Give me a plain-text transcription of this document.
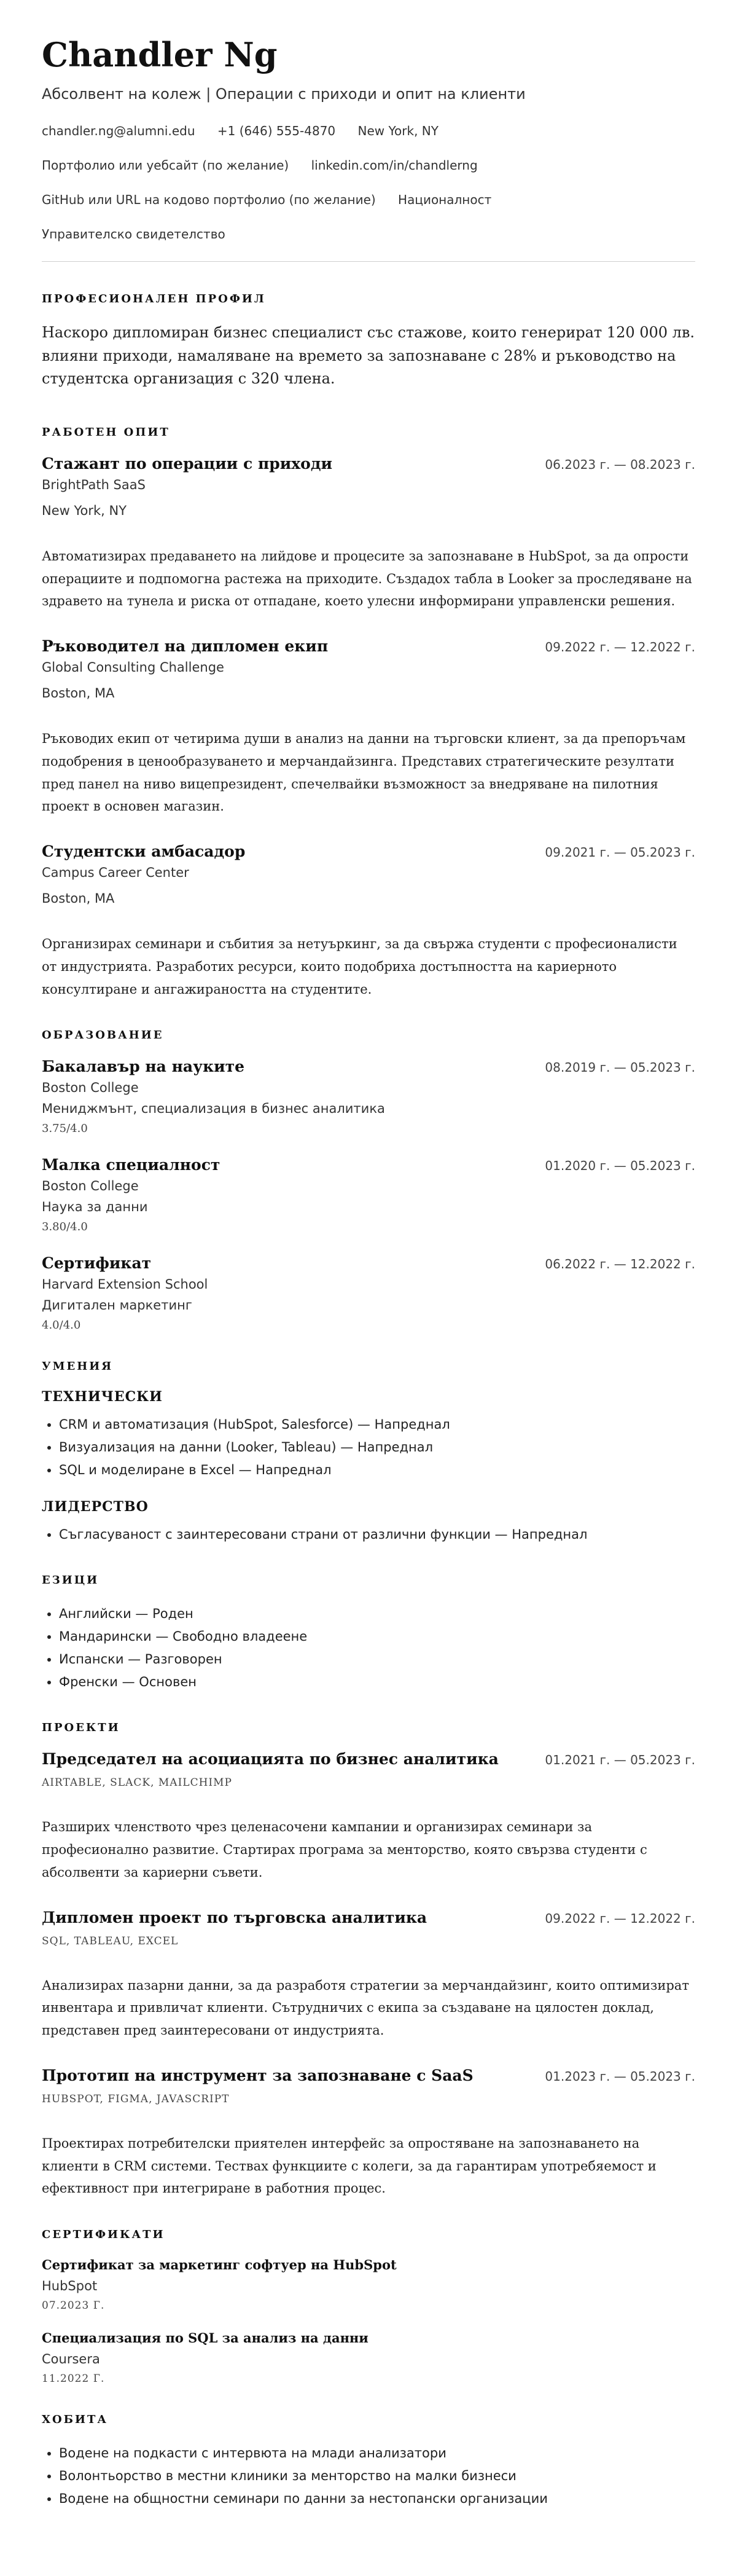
Chandler Ng
Абсолвент на колеж | Операции с приходи и опит на клиенти
chandler.ng@alumni.edu +1 (646) 555-4870 New York, NY
Портфолио или уебсайт (по желание) linkedin.com/in/chandlerng
GitHub или URL на кодово портфолио (по желание) Националност
Управителско свидетелство
ПРОФЕСИОНАЛЕН ПРОФИЛ

Наскоро дипломиран бизнес специалист със стажове, които генерират 120 000 лв. влияни приходи, намаляване на времето за запознаване с 28% и ръководство на студентска организация с 320 члена.

РАБОТЕН ОПИТ
Стажант по операции с приходи	06.2023 г. — 08.2023 г.
BrightPath SaaS
New York, NY
Автоматизирах предаването на лийдове и процесите за запознаване в HubSpot, за да опрости операциите и подпомогна растежа на приходите. Създадох табла в Looker за проследяване на здравето на тунела и риска от отпадане, което улесни информирани управленски решения.
Ръководител на дипломен екип	09.2022 г. — 12.2022 г.
Global Consulting Challenge
Boston, MA
Ръководих екип от четирима души в анализ на данни на търговски клиент, за да препоръчам подобрения в ценообразуването и мерчандайзинга. Представих стратегическите резултати пред панел на ниво вицепрезидент, спечелвайки възможност за внедряване на пилотния проект в основен магазин.
Студентски амбасадор	09.2021 г. — 05.2023 г.
Campus Career Center
Boston, MA
Организирах семинари и събития за нетуъркинг, за да свържа студенти с професионалисти от индустрията. Разработих ресурси, които подобриха достъпността на кариерното консултиране и ангажираността на студентите.
ОБРАЗОВАНИЕ
Бакалавър на науките	08.2019 г. — 05.2023 г.
Boston College
Мениджмънт, специализация в бизнес аналитика
3.75/4.0
Малка специалност	01.2020 г. — 05.2023 г.
Boston College
Наука за данни
3.80/4.0
Сертификат	06.2022 г. — 12.2022 г.
Harvard Extension School
Дигитален маркетинг
4.0/4.0
УМЕНИЯ
ТЕХНИЧЕСКИ
• CRM и автоматизация (HubSpot, Salesforce) — Напреднал
• Визуализация на данни (Looker, Tableau) — Напреднал
• SQL и моделиране в Excel — Напреднал
ЛИДЕРСТВО
• Съгласуваност с заинтересовани страни от различни функции — Напреднал
ЕЗИЦИ
• Английски — Роден
• Мандарински — Свободно владеене
• Испански — Разговорен
• Френски — Основен
ПРОЕКТИ
Председател на асоциацията по бизнес аналитика	01.2021 г. — 05.2023 г.
AIRTABLE, SLACK, MAILCHIMP
Разширих членството чрез целенасочени кампании и организирах семинари за професионално развитие. Стартирах програма за менторство, която свързва студенти с абсолвенти за кариерни съвети.
Дипломен проект по търговска аналитика	09.2022 г. — 12.2022 г.
SQL, TABLEAU, EXCEL
Анализирах пазарни данни, за да разработя стратегии за мерчандайзинг, които оптимизират инвентара и привличат клиенти. Сътрудничих с екипа за създаване на цялостен доклад, представен пред заинтересовани от индустрията.
Прототип на инструмент за запознаване с SaaS	01.2023 г. — 05.2023 г.
HUBSPOT, FIGMA, JAVASCRIPT
Проектирах потребителски приятелен интерфейс за опростяване на запознаването на клиенти в CRM системи. Тествах функциите с колеги, за да гарантирам употребяемост и ефективност при интегриране в работния процес.
СЕРТИФИКАТИ
Сертификат за маркетинг софтуер на HubSpot
HubSpot
07.2023 Г.
Специализация по SQL за анализ на данни
Coursera
11.2022 Г.
ХОБИТА
• Водене на подкасти с интервюта на млади анализатори
• Волонтьорство в местни клиники за менторство на малки бизнеси
• Водене на общностни семинари по данни за нестопански организации
